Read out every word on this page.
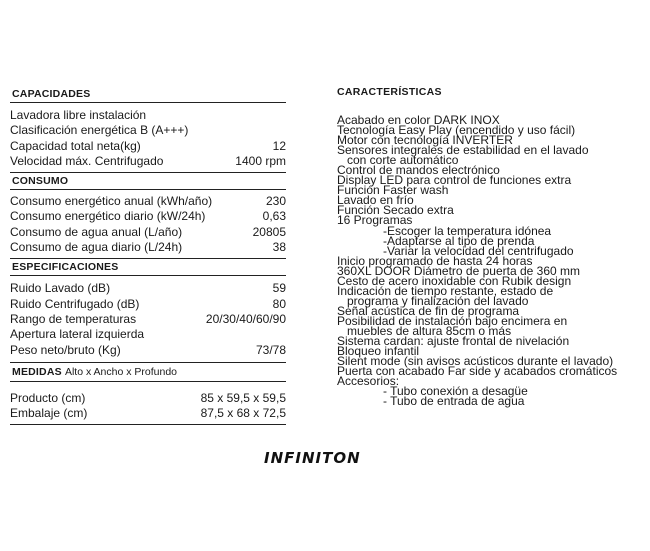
CAPACIDADES
Lavadora libre instalación
Clasificación energética B (A+++)
Capacidad total neta(kg)	12
Velocidad máx. Centrifugado	1400 rpm
CONSUMO
Consumo energético anual (kWh/año)	230
Consumo energético diario (kW/24h)	0,63
Consumo de agua anual (L/año)	20805
Consumo de agua diario (L/24h)	38
ESPECIFICACIONES
Ruido Lavado (dB)	59
Ruido Centrifugado (dB)	80
Rango de temperaturas	20/30/40/60/90
Apertura lateral izquierda
Peso neto/bruto (Kg)	73/78
MEDIDAS Alto x Ancho x Profundo
Producto (cm)	85 x 59,5 x 59,5
Embalaje (cm)	87,5 x 68 x 72,5
CARACTERÍSTICAS
Acabado en color DARK INOX
Tecnología Easy Play (encendido y uso fácil)
Motor con tecnología INVERTER
Sensores integrales de estabilidad en el lavado
con corte automático
Control de mandos electrónico
Display LED para control de funciones extra
Función Faster wash
Lavado en frío
Función Secado extra
16 Programas
-Escoger la temperatura idónea
-Adaptarse al tipo de prenda
-Variar la velocidad del centrifugado
Inicio programado de hasta 24 horas
360XL DOOR Diámetro de puerta de 360 mm
Cesto de acero inoxidable con Rubik design
Indicación de tiempo restante, estado de
programa y finalización del lavado
Señal acústica de fin de programa
Posibilidad de instalación bajo encimera en
muebles de altura 85cm o más
Sistema cardan: ajuste frontal de nivelación
Bloqueo infantil
Silent mode (sin avisos acústicos durante el lavado)
Puerta con acabado Far side y acabados cromáticos
Accesorios:
- Tubo conexión a desagüe
- Tubo de entrada de agua
INFINITON
